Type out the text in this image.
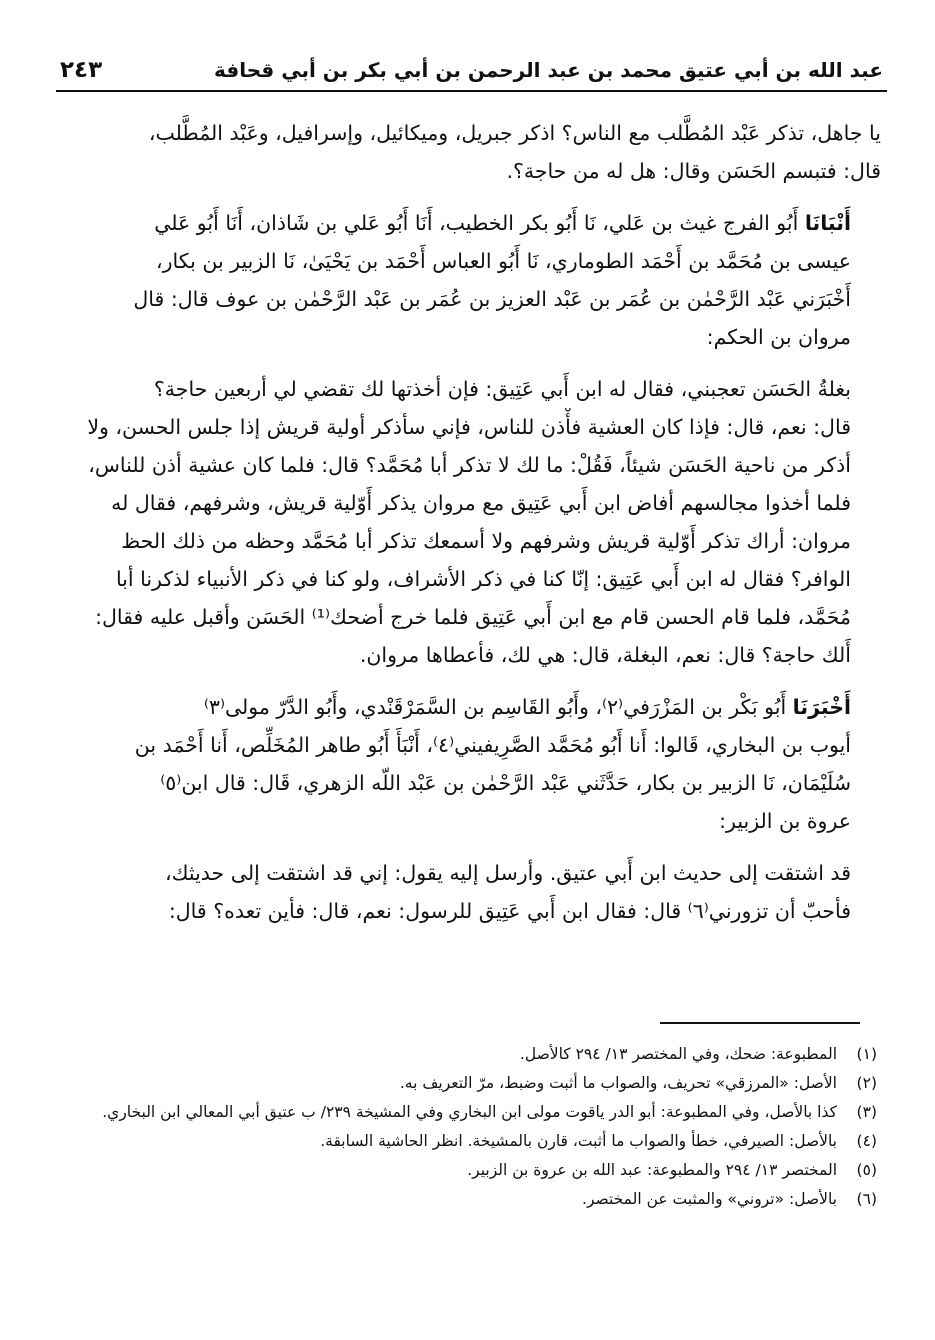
عبد الله بن أبي عتيق محمد بن عبد الرحمن بن أبي بكر بن أبي قحافة
٢٤٣
يا جاهل، تذكر عَبْد المُطَّلب مع الناس؟ اذكر جبريل، وميكائيل، وإسرافيل، وعَبْد المُطَّلب،
قال: فتبسم الحَسَن وقال: هل له من حاجة؟.
أَنْبَانَا أَبُو الفرج غيث بن عَلي، نَا أَبُو بكر الخطيب، أَنَا أَبُو عَلي بن شَاذان، أَنَا أَبُو عَلي
عيسى بن مُحَمَّد بن أَحْمَد الطوماري، نَا أَبُو العباس أَحْمَد بن يَحْيَىٰ، نَا الزبير بن بكار،
أَخْبَرَني عَبْد الرَّحْمٰن بن عُمَر بن عَبْد العزيز بن عُمَر بن عَبْد الرَّحْمٰن بن عوف قال: قال
مروان بن الحكم:
بغلةُ الحَسَن تعجبني، فقال له ابن أَبي عَتِيق: فإن أخذتها لك تقضي لي أربعين حاجة؟
قال: نعم، قال: فإذا كان العشية فأْذن للناس، فإني سأذكر أولية قريش إذا جلس الحسن، ولا
أذكر من ناحية الحَسَن شيئاً، فَقُلْ: ما لك لا تذكر أبا مُحَمَّد؟ قال: فلما كان عشية أذن للناس،
فلما أخذوا مجالسهم أفاض ابن أَبي عَتِيق مع مروان يذكر أَوّلية قريش، وشرفهم، فقال له
مروان: أراك تذكر أَوّلية قريش وشرفهم ولا أسمعك تذكر أبا مُحَمَّد وحظه من ذلك الحظ
الوافر؟ فقال له ابن أَبي عَتِيق: إنّا كنا في ذكر الأشراف، ولو كنا في ذكر الأنبياء لذكرنا أبا
مُحَمَّد، فلما قام الحسن قام مع ابن أَبي عَتِيق فلما خرج أضحك⁽¹⁾ الحَسَن وأقبل عليه فقال:
أَلك حاجة؟ قال: نعم، البغلة، قال: هي لك، فأعطاها مروان.
أَخْبَرَنَا أَبُو بَكْر بن المَزْرَفي⁽٢⁾، وأَبُو القَاسِم بن السَّمَرْقَنْدي، وأَبُو الدَّرّ مولى⁽٣⁾
أيوب بن البخاري، قَالوا: أَنا أَبُو مُحَمَّد الصَّرِيفيني⁽٤⁾، أَنْبَأَ أَبُو طاهر المُخَلِّص، أَنا أَحْمَد بن
سُلَيْمَان، نَا الزبير بن بكار، حَدَّثَني عَبْد الرَّحْمٰن بن عَبْد اللّه الزهري، قَال: قال ابن⁽٥⁾
عروة بن الزبير:
قد اشتقت إلى حديث ابن أَبي عتيق. وأرسل إليه يقول: إني قد اشتقت إلى حديثك،
فأحبّ أن تزورني⁽٦⁾ قال: فقال ابن أَبي عَتِيق للرسول: نعم، قال: فأين تعده؟ قال:
(١)
المطبوعة: ضحك، وفي المختصر ١٣/ ٢٩٤ كالأصل.
(٢)
الأصل: «المرزقي» تحريف، والصواب ما أثبت وضبط، مرّ التعريف به.
(٣)
كذا بالأصل، وفي المطبوعة: أبو الدر ياقوت مولى ابن البخاري وفي المشيخة ٢٣٩/ ب عتيق أبي المعالي ابن البخاري.
(٤)
بالأصل: الصيرفي، خطأ والصواب ما أثبت، قارن بالمشيخة. انظر الحاشية السابقة.
(٥)
المختصر ١٣/ ٢٩٤ والمطبوعة: عبد الله بن عروة بن الزبير.
(٦)
بالأصل: «تروني» والمثبت عن المختصر.
